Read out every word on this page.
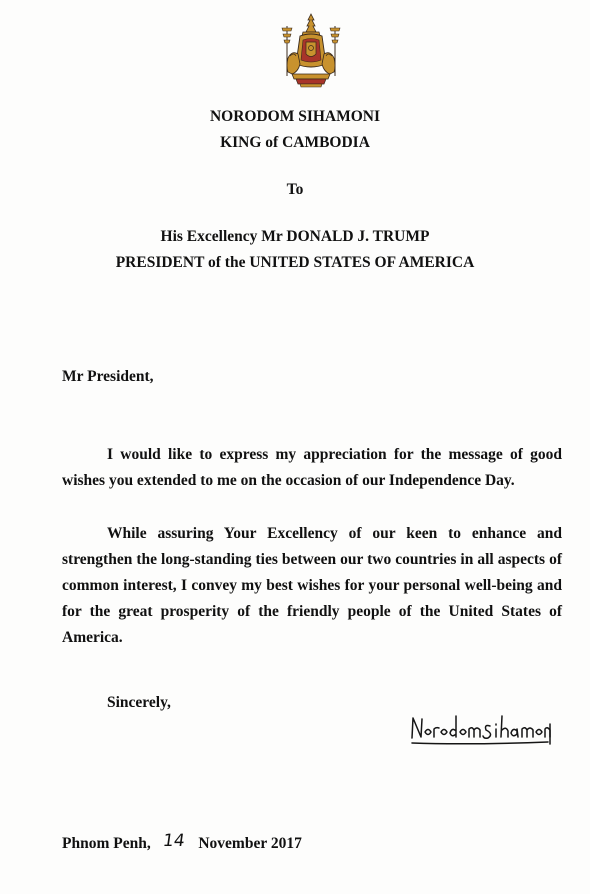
NORODOM SIHAMONI
KING of CAMBODIA
To
His Excellency Mr DONALD J. TRUMP
PRESIDENT of the UNITED STATES OF AMERICA
Mr President,

I would like to express my appreciation for the message of good wishes you extended to me on the occasion of our Independence Day.

While assuring Your Excellency of our keen to enhance and strengthen the long-standing ties between our two countries in all aspects of common interest, I convey my best wishes for your personal well-being and for the great prosperity of the friendly people of the United States of America.

Sincerely,
Phnom Penh, 14 November 2017
